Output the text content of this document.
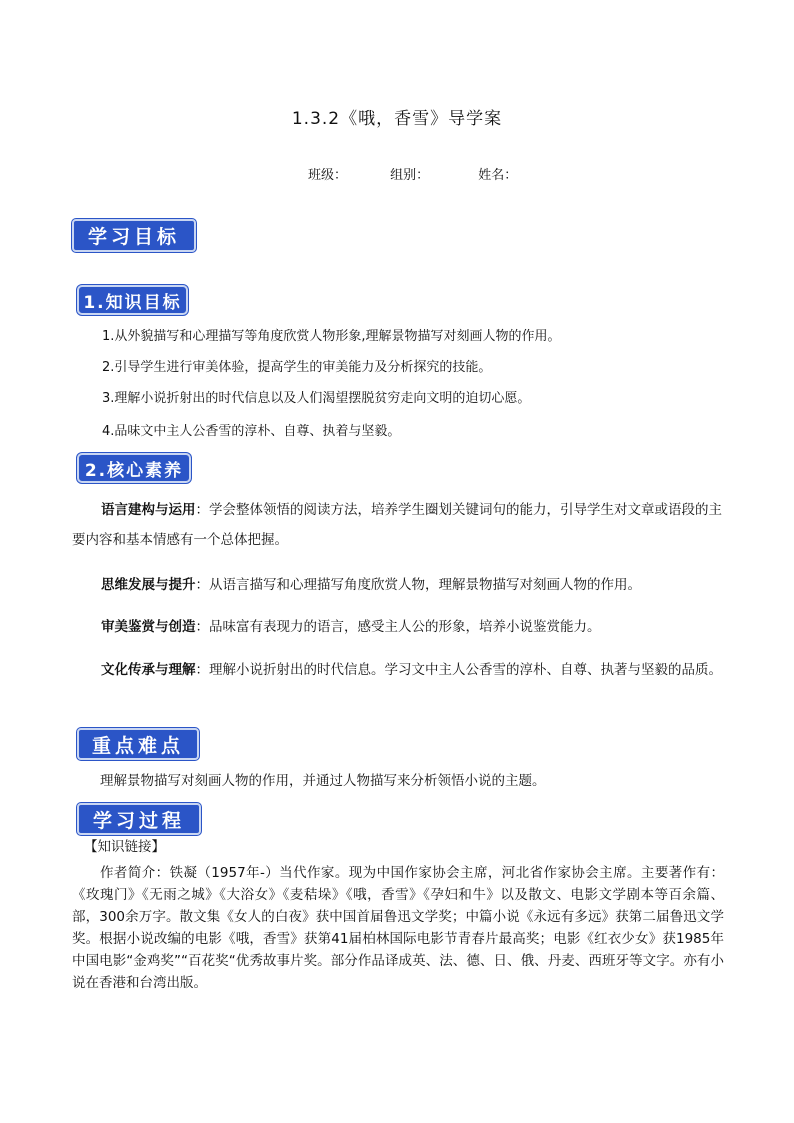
1.3.2《哦，香雪》导学案
班级：	组别：	姓名：
学习目标
1.知识目标
1.从外貌描写和心理描写等角度欣赏人物形象,理解景物描写对刻画人物的作用。
2.引导学生进行审美体验，提高学生的审美能力及分析探究的技能。
3.理解小说折射出的时代信息以及人们渴望摆脱贫穷走向文明的迫切心愿。
4.品味文中主人公香雪的淳朴、自尊、执着与坚毅。
2.核心素养
语言建构与运用：学会整体领悟的阅读方法，培养学生圈划关键词句的能力，引导学生对文章或语段的主要内容和基本情感有一个总体把握。
思维发展与提升：从语言描写和心理描写角度欣赏人物，理解景物描写对刻画人物的作用。
审美鉴赏与创造：品味富有表现力的语言，感受主人公的形象，培养小说鉴赏能力。
文化传承与理解：理解小说折射出的时代信息。学习文中主人公香雪的淳朴、自尊、执著与坚毅的品质。
重点难点
理解景物描写对刻画人物的作用，并通过人物描写来分析领悟小说的主题。
学习过程
【知识链接】
作者简介：铁凝（1957年-）当代作家。现为中国作家协会主席，河北省作家协会主席。主要著作有：《玫瑰门》《无雨之城》《大浴女》《麦秸垛》《哦，香雪》《孕妇和牛》以及散文、电影文学剧本等百余篇、部，300余万字。散文集《女人的白夜》获中国首届鲁迅文学奖；中篇小说《永远有多远》获第二届鲁迅文学奖。根据小说改编的电影《哦，香雪》获第41届柏林国际电影节青春片最高奖；电影《红衣少女》获1985年中国电影“金鸡奖”“百花奖“优秀故事片奖。部分作品译成英、法、德、日、俄、丹麦、西班牙等文字。亦有小说在香港和台湾出版。
